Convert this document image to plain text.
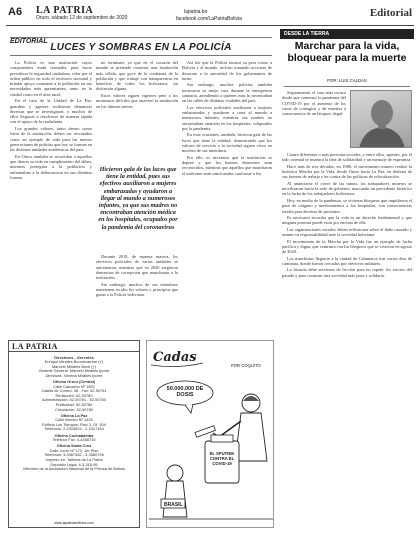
A6 LA PATRIA
Oruro, sábado 12 de septiembre de 2020
lapatria.bo
facebook.com/LaPatriaBolivia	Editorial
EDITORIAL
LUCES Y SOMBRAS EN LA POLICÍA

La Policía es una institución cuyos componentes están formados para hacer prevalecer la seguridad ciudadana, velar por el orden público en todo el territorio nacional y brindar apoyo constante a la población en sus necesidades más apremiantes, tanto en la ciudad como en el área rural.

En el caso de la Unidad de La Paz, guardias y agentes recibieron denuncias diversas que se investigaron, y muchos de ellos llegaron a resolverse de manera rápida con el apoyo de la ciudadanía.

Los grandes valores, tanto dentro como fuera de la institución, deben ser rescatados como un ejemplo de vida para las nuevas generaciones de policías que hoy se forman en las distintas unidades académicas del país.

En Oruro también se recuerdan a aquellos que dieron su vida en cumplimiento del deber, mientras protegían a la población y enfrentaban a la delincuencia en sus distintas formas.

no terminan, ya que en el corazón del mundo se pretende construir una institución más sólida, que goce de la confianza de la población y que trabaje con transparencia en beneficio de todos los bolivianos, sin distinción alguna.

Estos valores siguen vigentes pese a los momentos difíciles que atravesó la institución en los últimos meses.

Hicieron gala de las luces que tiene la entidad, pues sus efectivos auxiliaron a mujeres embarazadas y ayudaron a llegar al mundo a numerosos infantes, ya que sus madres no encontraban atención médica en los hospitales, ocupados por la pandemia del coronavirus

Durante 2019, de manera masiva, los efectivos policiales de varias unidades se amotinaron, mientras que en 2020 surgieron denuncias de corrupción que mancharon a la institución.

Sin embargo, muchos de sus miembros mantienen en alto los valores y principios que guían a la Policía boliviana.

Así fue que la Policía mostró su peor rostro a Bolivia y al mundo, incluso tomando acciones de desacato a la autoridad de los gobernantes de turno.

Sin embargo, muchos policías también mostraron su mejor cara durante la emergencia sanitaria, atendiendo a quienes más lo necesitaban en las calles de distintas ciudades del país.

Los efectivos policiales auxiliaron a mujeres embarazadas y ayudaron a traer al mundo a numerosos infantes, mientras sus madres no encontraban atención en los hospitales, colapsados por la pandemia.

En esas ocasiones, también, hicieron gala de las luces que tiene la entidad, demostrando que los valores de servicio a la sociedad siguen vivos en muchos de sus miembros.

Por ello, es necesario que la institución se depure y que los buenos elementos sean reconocidos, mientras que aquellos que mancharon el uniforme sean sancionados conforme a ley.

DESDE LA TIERRA
Marchar para la vida, bloquear para la muerte
POR: LUIS CALDAS

Seguramente, el caso más oscuro desde que comenzó la pandemia del COVID-19 por el aumento de los casos de contagios y de muertes a consecuencia de un bloqueo ilegal.

Cuatro diferentes o más personas sociales, y entre ellos, agentes, por el lado oriental se muestra la idea de solidaridad y un mensaje de esperanza.

Hace más de tres décadas, en 1986, el movimiento minero realizó la histórica Marcha por la Vida, desde Oruro hacia La Paz, en defensa de sus fuentes de trabajo y en contra de las políticas de relocalización.

Al anunciarse el cierre de las minas, los trabajadores mineros se movilizaron hacia la sede de gobierno, marcando un precedente histórico en la lucha de los trabajadores bolivianos.

Hoy, en medio de la pandemia, se vivieron bloqueos que impidieron el paso de oxígeno y medicamentos a los hospitales, con consecuencias fatales para decenas de pacientes.

Es necesario recordar que la vida es un derecho fundamental y que ninguna protesta puede estar por encima de ella.

Las organizaciones sociales deben reflexionar sobre el daño causado y asumir su responsabilidad ante la sociedad boliviana.

El movimiento de la Marcha por la Vida fue un ejemplo de lucha pacífica y digna, que contrasta con los bloqueos que se vivieron en agosto de 2020.

Los marchistas llegaron a la ciudad de Calamarca tras varios días de caminata, donde fueron cercados por efectivos militares.

La historia debe servirnos de lección para no repetir los errores del pasado y para construir una sociedad más justa y solidaria.

LA PATRIA
Directores - Gerentes
Enrique Miralles Bonnecarrere (†)
Marcelo Miralles Bové (†)
Gerente General: Marcelo Miralles Iporre
Directora: Ximena Miralles Iporre
Oficina Oruro (Central)
Calle Camacho Nº 1892
Casilla de Correo: 48 - Fax: 52-50781
Redacción: 52-50780
Administración: 52-50781 - 52-50780
Publicidad: 52-50780
Circulación: 52-50780
Oficina La Paz
Calle Mexico Nº 1433
Edificio Los Tiempos, Piso 3, Of. 304
Teléfonos: 2-2315524 - 2-2317164
Oficina Cochabamba
Teléfono Fax: 4-4458735
Oficina Santa Cruz
Calle Junín Nº 170, 1er Piso
Teléfonos: 3-3367482 - 3-3360796
Impreso en: Talleres de La Patria
Depósito Legal: 4-3-318-95
Miembro de la Asociación Nacional de la Prensa de Bolivia
www.lapatriaenlinea.com
Cadas
POR COQUITO
50.000.000 DE DOSIS
EL SPUTNIK CONTRA EL COVID-19
BRASIL
